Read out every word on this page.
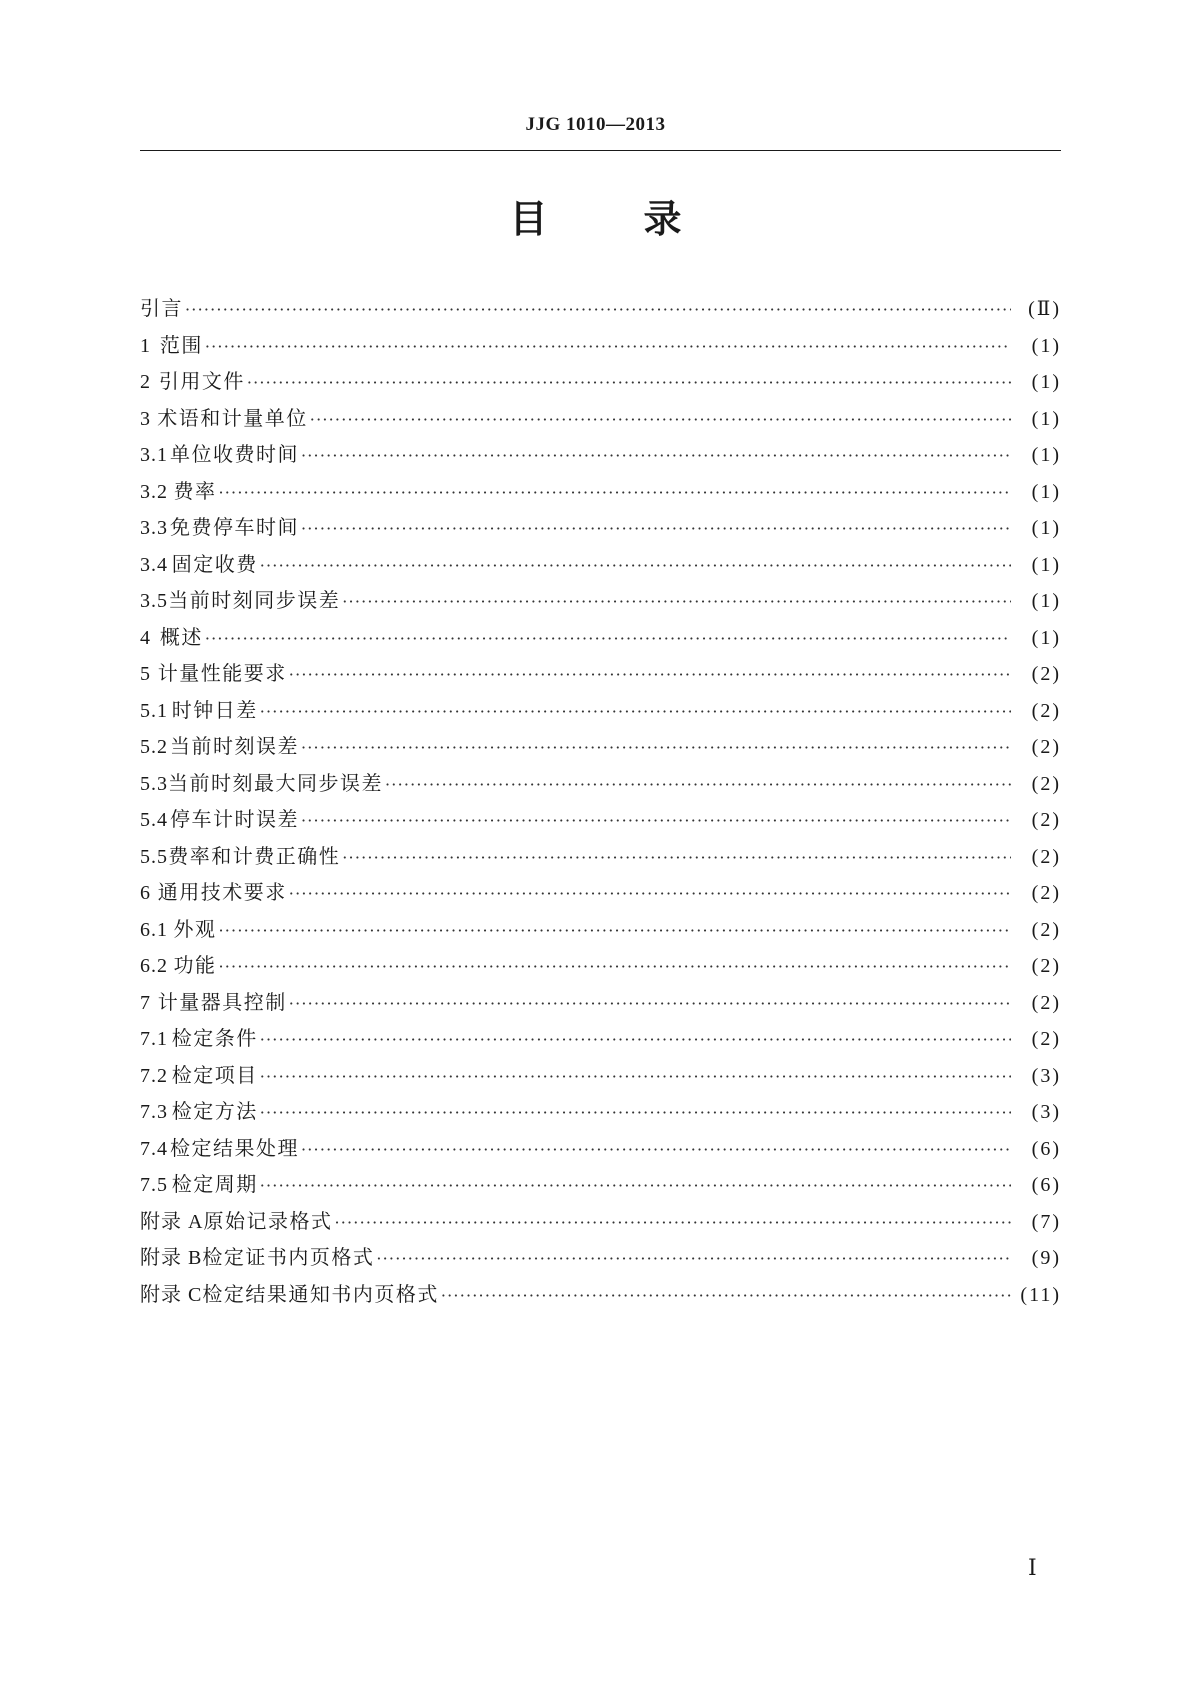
JJG 1010—2013
目	录
引言 ·····	(Ⅱ)
1 范围 ·····	(1)
2 引用文件 ·····	(1)
3 术语和计量单位 ·····	(1)
3.1 单位收费时间 ·····	(1)
3.2 费率 ·····	(1)
3.3 免费停车时间 ·····	(1)
3.4 固定收费 ·····	(1)
3.5 当前时刻同步误差 ·····	(1)
4 概述 ·····	(1)
5 计量性能要求 ·····	(2)
5.1 时钟日差 ·····	(2)
5.2 当前时刻误差 ·····	(2)
5.3 当前时刻最大同步误差 ·····	(2)
5.4 停车计时误差 ·····	(2)
5.5 费率和计费正确性 ·····	(2)
6 通用技术要求 ·····	(2)
6.1 外观 ·····	(2)
6.2 功能 ·····	(2)
7 计量器具控制 ·····	(2)
7.1 检定条件 ·····	(2)
7.2 检定项目 ·····	(3)
7.3 检定方法 ·····	(3)
7.4 检定结果处理 ·····	(6)
7.5 检定周期 ·····	(6)
附录 A 原始记录格式 ·····	(7)
附录 B 检定证书内页格式 ·····	(9)
附录 C 检定结果通知书内页格式 ·····	(11)
Ⅰ
